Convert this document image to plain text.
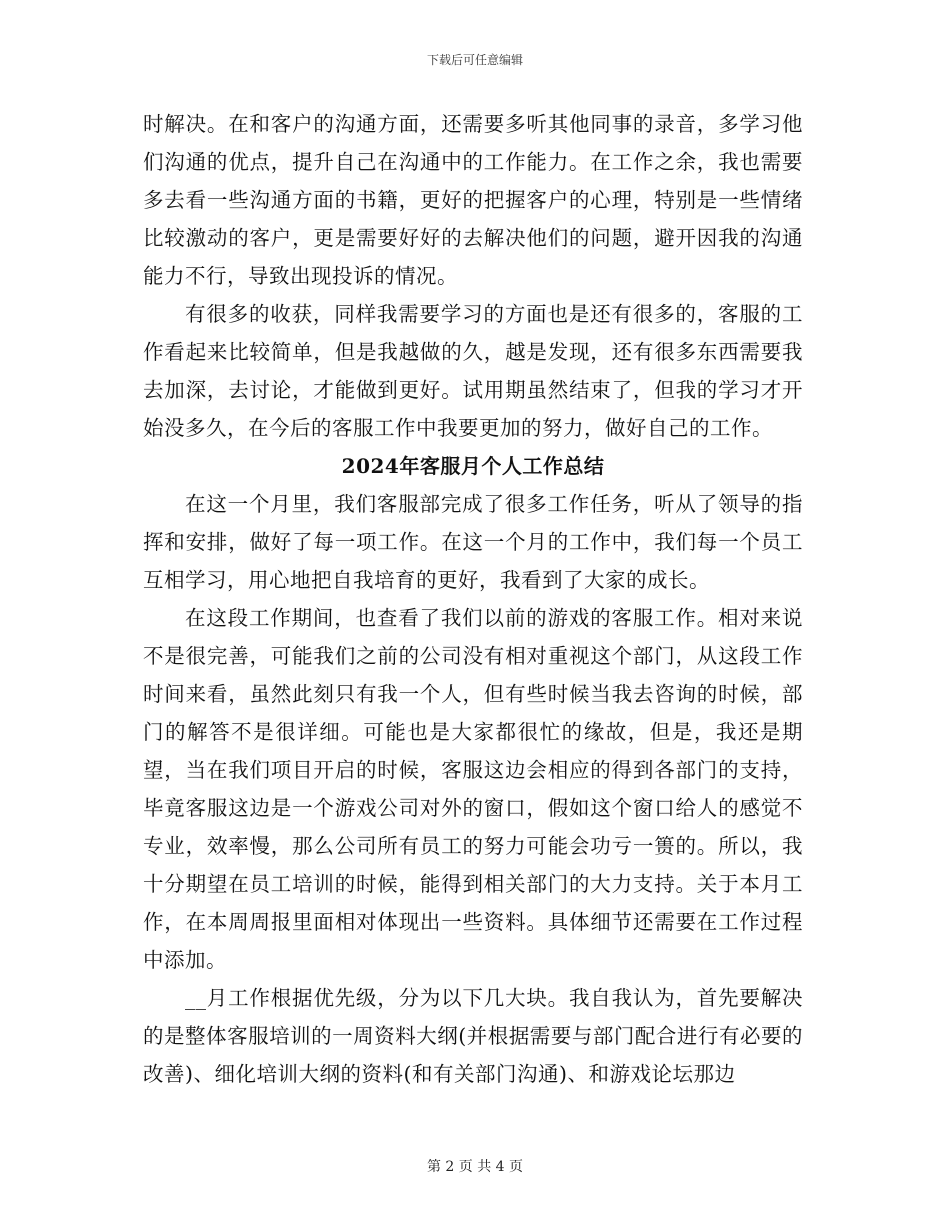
下载后可任意编辑

时解决。在和客户的沟通方面，还需要多听其他同事的录音，多学习他们沟通的优点，提升自己在沟通中的工作能力。在工作之余，我也需要多去看一些沟通方面的书籍，更好的把握客户的心理，特别是一些情绪比较激动的客户，更是需要好好的去解决他们的问题，避开因我的沟通能力不行，导致出现投诉的情况。

有很多的收获，同样我需要学习的方面也是还有很多的，客服的工作看起来比较简单，但是我越做的久，越是发现，还有很多东西需要我去加深，去讨论，才能做到更好。试用期虽然结束了，但我的学习才开始没多久，在今后的客服工作中我要更加的努力，做好自己的工作。

2024年客服月个人工作总结

在这一个月里，我们客服部完成了很多工作任务，听从了领导的指挥和安排，做好了每一项工作。在这一个月的工作中，我们每一个员工互相学习，用心地把自我培育的更好，我看到了大家的成长。

在这段工作期间，也查看了我们以前的游戏的客服工作。相对来说不是很完善，可能我们之前的公司没有相对重视这个部门，从这段工作时间来看，虽然此刻只有我一个人，但有些时候当我去咨询的时候，部门的解答不是很详细。可能也是大家都很忙的缘故，但是，我还是期望，当在我们项目开启的时候，客服这边会相应的得到各部门的支持，毕竟客服这边是一个游戏公司对外的窗口，假如这个窗口给人的感觉不专业，效率慢，那么公司所有员工的努力可能会功亏一篑的。所以，我十分期望在员工培训的时候，能得到相关部门的大力支持。关于本月工作，在本周周报里面相对体现出一些资料。具体细节还需要在工作过程中添加。

__月工作根据优先级，分为以下几大块。我自我认为，首先要解决的是整体客服培训的一周资料大纲(并根据需要与部门配合进行有必要的改善)、细化培训大纲的资料(和有关部门沟通)、和游戏论坛那边

第 2 页 共 4 页
